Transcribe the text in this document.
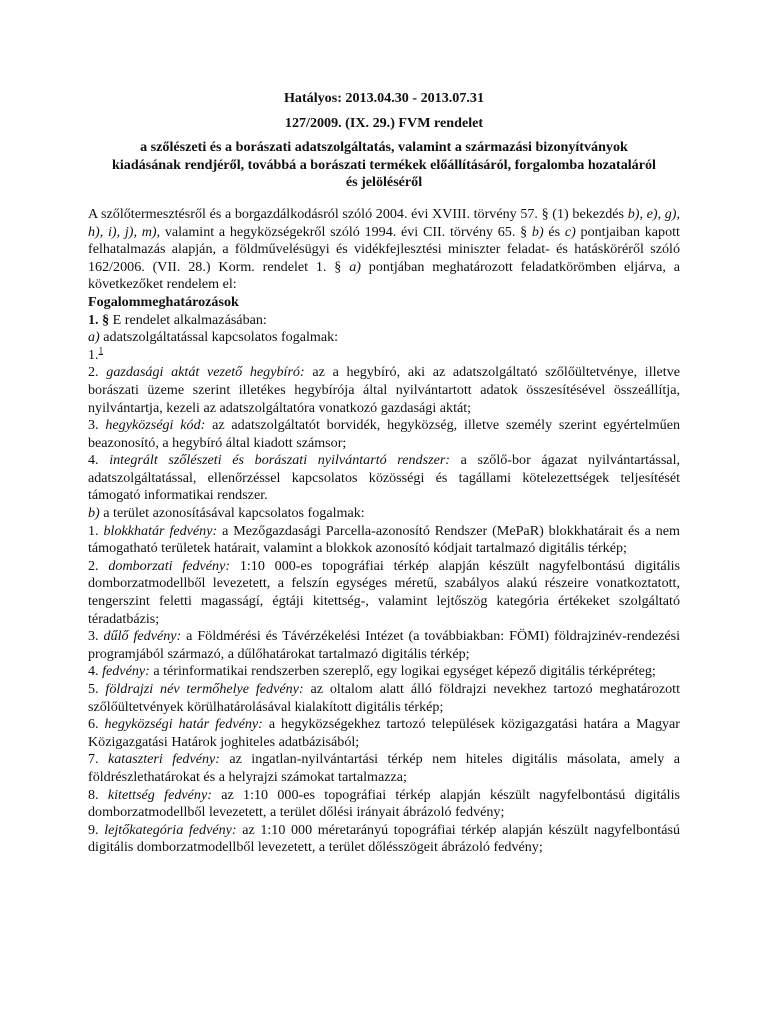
Hatályos: 2013.04.30 - 2013.07.31
127/2009. (IX. 29.) FVM rendelet
a szőlészeti és a borászati adatszolgáltatás, valamint a származási bizonyítványok
kiadásának rendjéről, továbbá a borászati termékek előállításáról, forgalomba hozataláról
és jelöléséről

A szőlőtermesztésről és a borgazdálkodásról szóló 2004. évi XVIII. törvény 57. § (1) bekezdés b), e), g), h), i), j), m), valamint a hegyközségekről szóló 1994. évi CII. törvény 65. § b) és c) pontjaiban kapott felhatalmazás alapján, a földművelésügyi és vidékfejlesztési miniszter feladat- és hatásköréről szóló 162/2006. (VII. 28.) Korm. rendelet 1. § a) pontjában meghatározott feladatkörömben eljárva, a következőket rendelem el:

Fogalommeghatározások

1. § E rendelet alkalmazásában:

a) adatszolgáltatással kapcsolatos fogalmak:

1.$^1$

2. gazdasági aktát vezető hegybíró: az a hegybíró, aki az adatszolgáltató szőlőültetvénye, illetve borászati üzeme szerint illetékes hegybírója által nyilvántartott adatok összesítésével összeállítja, nyilvántartja, kezeli az adatszolgáltatóra vonatkozó gazdasági aktát;

3. hegyközségi kód: az adatszolgáltatót borvidék, hegyközség, illetve személy szerint egyértelműen beazonosító, a hegybíró által kiadott számsor;

4. integrált szőlészeti és borászati nyilvántartó rendszer: a szőlő-bor ágazat nyilvántartással, adatszolgáltatással, ellenőrzéssel kapcsolatos közösségi és tagállami kötelezettségek teljesítését támogató informatikai rendszer.

b) a terület azonosításával kapcsolatos fogalmak:

1. blokkhatár fedvény: a Mezőgazdasági Parcella-azonosító Rendszer (MePaR) blokkhatárait és a nem támogatható területek határait, valamint a blokkok azonosító kódjait tartalmazó digitális térkép;

2. domborzati fedvény: 1:10 000-es topográfiai térkép alapján készült nagyfelbontású digitális domborzatmodellből levezetett, a felszín egységes méretű, szabályos alakú részeire vonatkoztatott, tengerszint feletti magasságí, égtáji kitettség-, valamint lejtőszög kategória értékeket szolgáltató téradatbázis;

3. dűlő fedvény: a Földmérési és Távérzékelési Intézet (a továbbiakban: FÖMI) földrajzinév-rendezési programjából származó, a dűlőhatárokat tartalmazó digitális térkép;

4. fedvény: a térinformatikai rendszerben szereplő, egy logikai egységet képező digitális térképréteg;

5. földrajzi név termőhelye fedvény: az oltalom alatt álló földrajzi nevekhez tartozó meghatározott szőlőültetvények körülhatárolásával kialakított digitális térkép;

6. hegyközségi határ fedvény: a hegyközségekhez tartozó települések közigazgatási határa a Magyar Közigazgatási Határok joghiteles adatbázisából;

7. kataszteri fedvény: az ingatlan-nyilvántartási térkép nem hiteles digitális másolata, amely a földrészlethatárokat és a helyrajzi számokat tartalmazza;

8. kitettség fedvény: az 1:10 000-es topográfiai térkép alapján készült nagyfelbontású digitális domborzatmodellből levezetett, a terület dőlési irányait ábrázoló fedvény;

9. lejtőkategória fedvény: az 1:10 000 méretarányú topográfiai térkép alapján készült nagyfelbontású digitális domborzatmodellből levezetett, a terület dőlésszögeit ábrázoló fedvény;
